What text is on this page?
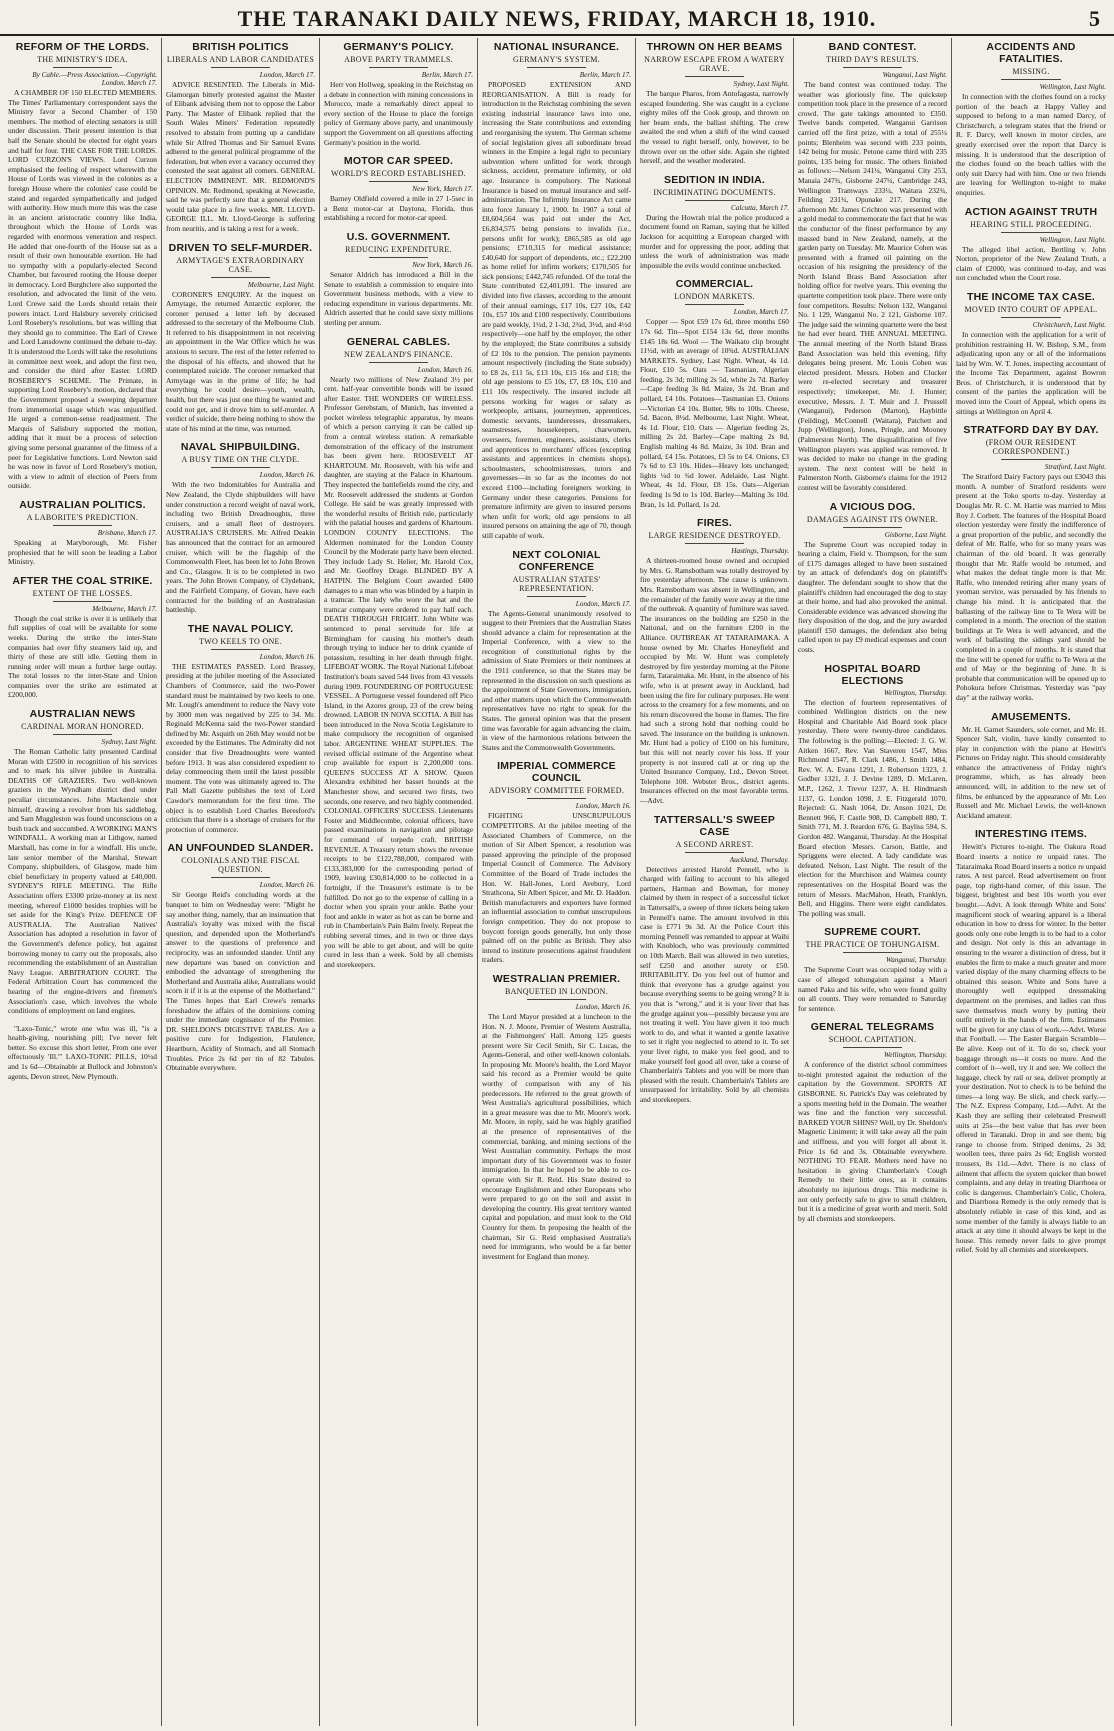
THE TARANAKI DAILY NEWS, FRIDAY, MARCH 18, 1910.	5
REFORM OF THE LORDS.
THE MINISTRY'S IDEA.
By Cable.—Press Association.—Copyright. London, March 17.

A CHAMBER OF 150 ELECTED MEMBERS. The Times' Parliamentary correspondent says the Ministry favor a Second Chamber of 150 members. The method of electing senators is still under discussion. Their present intention is that half the Senate should be elected for eight years and half for four. THE CASE FOR THE LORDS. LORD CURZON'S VIEWS. Lord Curzon emphasised the feeling of respect wherewith the House of Lords was viewed in the colonies as a foreign House where the colonies' case could be stated and regarded sympathetically and judged with authority. How much more this was the case in an ancient aristocratic country like India, throughout which the House of Lords was regarded with enormous veneration and respect. He added that one-fourth of the House sat as a result of their own honourable exertion. He had no sympathy with a popularly-elected Second Chamber, but favoured rooting the House deeper in democracy. Lord Burghclere also supported the resolution, and advocated the limit of the veto. Lord Crewe said the Lords should retain their powers intact. Lord Halsbury severely criticised Lord Rosebery's resolutions, but was willing that they should go to committee. The Earl of Crewe and Lord Lansdowne continued the debate to-day. It is understood the Lords will take the resolutions in committee next week, and adopt the first two, and consider the third after Easter. LORD ROSEBERY'S SCHEME. The Primate, in supporting Lord Rosebery's motion, declared that the Government proposed a sweeping departure from immemorial usage which was unjustified. He urged a common-sense readjustment. The Marquis of Salisbury supported the motion, adding that it must be a process of selection giving some personal guarantee of the fitness of a peer for Legislative functions. Lord Newton said he was now in favor of Lord Rosebery's motion, with a view to admit of election of Peers from outside.

AUSTRALIAN POLITICS.
A LABORITE'S PREDICTION.
Brisbane, March 17.

Speaking at Maryborough, Mr. Fisher prophesied that he will soon be leading a Labor Ministry.

AFTER THE COAL STRIKE.
EXTENT OF THE LOSSES.
Melbourne, March 17.

Though the coal strike is over it is unlikely that full supplies of coal will be available for some weeks. During the strike the inter-State companies had over fifty steamers laid up, and thirty of these are still idle. Getting them in running order will mean a further large outlay. The total losses to the inter-State and Union companies over the strike are estimated at £200,000.

AUSTRALIAN NEWS
CARDINAL MORAN HONORED.
Sydney, Last Night.

The Roman Catholic laity presented Cardinal Moran with £2500 in recognition of his services and to mark his silver jubilee in Australia. DEATHS OF GRAZIERS. Two well-known graziers in the Wyndham district died under peculiar circumstances. John Mackenzie shot himself, drawing a revolver from his saddlebag, and Sam Muggleston was found unconscious on a bush track and succumbed. A WORKING MAN'S WINDFALL. A working man at Lithgow, named Marshall, has come in for a windfall. His uncle, late senior member of the Marshal, Stewart Company, shipbuilders, of Glasgow, made him chief beneficiary in property valued at £40,000. SYDNEY'S RIFLE MEETING. The Rifle Association offers £3300 prize-money at its next meeting, whereof £1000 besides trophies will be set aside for the King's Prize. DEFENCE OF AUSTRALIA. The Australian Natives' Association has adopted a resolution in favor of the Government's defence policy, but against borrowing money to carry out the proposals, also recommending the establishment of an Australian Navy League. ARBITRATION COURT. The Federal Arbitration Court has commenced the hearing of the engine-drivers and firemen's Association's case, which involves the whole conditions of employment on land engines.

"Laxo-Tonic," wrote one who was ill, "is a health-giving, nourishing pill; I've never felt better. So excuse this short letter, From one ever effectuously 'Ill.'" LAXO-TONIC PILLS, 10½d and 1s 6d—Obtainable at Bullock and Johnston's agents, Devon street, New Plymouth.

BRITISH POLITICS
LIBERALS AND LABOR CANDIDATES
London, March 17.

ADVICE RESENTED. The Liberals in Mid-Glamorgan bitterly protested against the Master of Elibank advising them not to oppose the Labor Party. The Master of Elibank replied that the South Wales Miners' Federation repeatedly resolved to abstain from putting up a candidate while Sir Alfred Thomas and Sir Samuel Evans adhered to the general political programme of the federation, but when ever a vacancy occurred they contested the seat against all comers. GENERAL ELECTION IMMINENT. MR. REDMOND'S OPINION. Mr. Redmond, speaking at Newcastle, said he was perfectly sure that a general election would take place in a few weeks. MR. LLOYD-GEORGE ILL. Mr. Lloyd-George is suffering from neuritis, and is taking a rest for a week.

DRIVEN TO SELF-MURDER.
ARMYTAGE'S EXTRAORDINARY CASE.
Melbourne, Last Night.

CORONER'S ENQUIRY. At the inquest on Armytage, the returned Antarctic explorer, the coroner perused a letter left by deceased addressed to the secretary of the Melbourne Club. It referred to his disappointment in not receiving an appointment in the War Office which he was anxious to secure. The rest of the letter referred to the disposal of his effects, and showed that he contemplated suicide. The coroner remarked that Armytage was in the prime of life; he had everything he could desire—youth, wealth, health, but there was just one thing he wanted and could not get, and it drove him to self-murder. A verdict of suicide, there being nothing to show the state of his mind at the time, was returned.

NAVAL SHIPBUILDING.
A BUSY TIME ON THE CLYDE.
London, March 16.

With the two Indomitables for Australia and New Zealand, the Clyde shipbuilders will have under construction a record weight of naval work, including two British Dreadnoughts, three cruisers, and a small fleet of destroyers. AUSTRALIA'S CRUISERS. Mr. Alfred Deakin has announced that the contract for an armoured cruiser, which will be the flagship of the Commonwealth Fleet, has been let to John Brown and Co., Glasgow. It is to be completed in two years. The John Brown Company, of Clydebank, and the Fairfield Company, of Govan, have each contracted for the building of an Australasian battleship.

THE NAVAL POLICY.
TWO KEELS TO ONE.
London, March 16.

THE ESTIMATES PASSED. Lord Brassey, presiding at the jubilee meeting of the Associated Chambers of Commerce, said the two-Power standard must be maintained by two keels to one. Mr. Lough's amendment to reduce the Navy vote by 3000 men was negatived by 225 to 34. Mr. Reginald McKenna said the two-Power standard defined by Mr. Asquith on 26th May would not be exceeded by the Estimates. The Admiralty did not consider that five Dreadnoughts were wanted before 1913. It was also considered expedient to delay commencing them until the latest possible moment. The vote was ultimately agreed to. The Pall Mall Gazette publishes the text of Lord Cawdor's memorandum for the first time. The object is to establish Lord Charles Beresford's criticism that there is a shortage of cruisers for the protection of commerce.

AN UNFOUNDED SLANDER.
COLONIALS AND THE FISCAL QUESTION.
London, March 16.

Sir George Reid's concluding words at the banquet to him on Wednesday were: "Might he say another thing, namely, that an insinuation that Australia's loyalty was mixed with the fiscal question, and depended upon the Motherland's answer to the questions of preference and reciprocity, was an unfounded slander. Until any new departure was based on conviction and embodied the advantage of strengthening the Motherland and Australia alike, Australians would scorn it if it is at the expense of the Motherland." The Times hopes that Earl Crewe's remarks foreshadow the affairs of the dominions coming under the immediate cognisance of the Premier. DR. SHELDON'S DIGESTIVE TABLES. Are a positive cure for Indigestion, Flatulence, Heartburn, Acidity of Stomach, and all Stomach Troubles. Price 2s 6d per tin of 82 Tabules. Obtainable everywhere.

GERMANY'S POLICY.
ABOVE PARTY TRAMMELS.
Berlin, March 17.

Herr von Hollweg, speaking in the Reichstag on a debate in connection with mining concessions in Morocco, made a remarkably direct appeal to every section of the House to place the foreign policy of Germany above party, and unanimously support the Government on all questions affecting Germany's position in the world.

MOTOR CAR SPEED.
WORLD'S RECORD ESTABLISHED.
New York, March 17.

Barney Oldfield covered a mile in 27 1-5sec in a Benz motor-car at Daytona, Florida, thus establishing a record for motor-car speed.

U.S. GOVERNMENT.
REDUCING EXPENDITURE.
New York, March 16.

Senator Aldrich has introduced a Bill in the Senate to establish a commission to enquire into Government business methods, with a view to reducing expenditure in various departments. Mr. Aldrich asserted that he could save sixty millions sterling per annum.

GENERAL CABLES.
NEW ZEALAND'S FINANCE.
London, March 16.

Nearly two millions of New Zealand 3½ per cent. half-year convertible bonds will be issued after Easter. THE WONDERS OF WIRELESS. Professor Gerebstam, of Munich, has invented a pocket wireless telegraphic apparatus, by means of which a person carrying it can be called up from a central wireless station. A remarkable demonstration of the efficacy of the instrument has been given here. ROOSEVELT AT KHARTOUM. Mr. Roosevelt, with his wife and daughter, are staying at the Palace in Khartoum. They inspected the battlefields round the city, and Mr. Roosevelt addressed the students at Gordon College. He said he was greatly impressed with the wonderful results of British rule, particularly with the palatial houses and gardens of Khartoum. LONDON COUNTY ELECTIONS. The Aldermen nominated for the London County Council by the Moderate party have been elected. They include Lady St. Helier, Mr. Harold Cox, and Mr. Geoffrey Drage. BLINDED BY A HATPIN. The Belgium Court awarded £400 damages to a man who was blinded by a hatpin in a tramcar. The lady who wore the hat and the tramcar company were ordered to pay half each. DEATH THROUGH FRIGHT. John White was sentenced to penal servitude for life at Birmingham for causing his mother's death through trying to induce her to drink cyanide of potassium, resulting in her death through fright. LIFEBOAT WORK. The Royal National Lifeboat Institution's boats saved 544 lives from 43 vessels during 1909. FOUNDERING OF PORTUGUESE VESSEL. A Portuguese vessel foundered off Pico Island, in the Azores group, 23 of the crew being drowned. LABOR IN NOVA SCOTIA. A Bill has been introduced in the Nova Scotia Legislature to make compulsory the recognition of organised labor. ARGENTINE WHEAT SUPPLIES. The revised official estimate of the Argentine wheat crop available for export is 2,200,000 tons. QUEEN'S SUCCESS AT A SHOW. Queen Alexandra exhibited her basset hounds at the Manchester show, and secured two firsts, two seconds, one reserve, and two highly commended. COLONIAL OFFICERS' SUCCESS. Lieutenants Foster and Middlecombe, colonial officers, have passed examinations in navigation and pilotage for command of torpedo craft. BRITISH REVENUE. A Treasury return shows the revenue receipts to be £122,788,000, compared with £133,383,000 for the corresponding period of 1909, leaving £30,814,000 to be collected in a fortnight, if the Treasurer's estimate is to be fulfilled. Do not go to the expense of calling in a doctor when you sprain your ankle. Bathe your foot and ankle in water as hot as can be borne and rub in Chamberlain's Pain Balm freely. Repeat the rubbing several times, and in two or three days you will be able to get about, and will be quite cured in less than a week. Sold by all chemists and storekeepers.

NATIONAL INSURANCE.
GERMANY'S SYSTEM.
Berlin, March 17.

PROPOSED EXTENSION AND REORGANISATION. A Bill is ready for introduction in the Reichstag combining the seven existing industrial insurance laws into one, increasing the State contributions and extending and reorganising the system. The German scheme of social legislation gives all subordinate bread winners in the Empire a legal right to pecuniary subvention where unfitted for work through sickness, accident, premature infirmity, or old age. Insurance is compulsory. The National Insurance is based on mutual insurance and self-administration. The Infirmity Insurance Act came into force January 1, 1900. In 1907 a total of £8,604,564 was paid out under the Act, £6,834,575 being pensions to invalids (i.e., persons unfit for work); £865,585 as old age pensions; £710,315 for medical assistance; £40,640 for support of dependents, etc.; £22,200 as home relief for infirm workers; £170,505 for sick pensions; £442,745 refunded. Of the total the State contributed £2,401,091. The insured are divided into five classes, according to the amount of their annual earnings, £17 10s, £27 10s, £42 10s, £57 10s and £100 respectively. Contributions are paid weekly, 1½d, 2 1-3d, 2¾d, 3½d, and 4½d respectively—one half by the employer, the other by the employed; the State contributes a subsidy of £2 10s to the pension. The pension payments amount respectively (including the State subsidy) to £8 2s, £11 5s, £13 10s, £15 16s and £18; the old age pensions to £5 10s, £7, £8 10s, £10 and £11 10s respectively. The insured include all persons working for wages or salary as workpeople, artisans, journeymen, apprentices, domestic servants, launderesses, dressmakers, seamstresses, housekeepers, charwomen, overseers, foremen, engineers, assistants, clerks and apprentices to merchants' offices (excepting assistants and apprentices in chemists shops), schoolmasters, schoolmistresses, tutors and governesses—in so far as the incomes do not exceed £100—including foreigners working in Germany under these categories. Pensions for premature infirmity are given to insured persons when unfit for work; old age pensions to all insured persons on attaining the age of 70, though still capable of work.

NEXT COLONIAL CONFERENCE
AUSTRALIAN STATES' REPRESENTATION.
London, March 17.

The Agents-General unanimously resolved to suggest to their Premiers that the Australian States should advance a claim for representation at the Imperial Conference, with a view to the recognition of constitutional rights by the admission of State Premiers or their nominees at the 1911 conference, so that the States may be represented in the discussion on such questions as the appointment of State Governors, immigration, and other matters upon which the Commonwealth representatives have no right to speak for the States. The general opinion was that the present time was favorable for again advancing the claim, in view of the harmonious relations between the States and the Commonwealth Governments.

IMPERIAL COMMERCE COUNCIL
ADVISORY COMMITTEE FORMED.
London, March 16.

FIGHTING UNSCRUPULOUS COMPETITORS. At the jubilee meeting of the Associated Chambers of Commerce, on the motion of Sir Albert Spencer, a resolution was passed approving the principle of the proposed Imperial Council of Commerce. The Advisory Committee of the Board of Trade includes the Hon. W. Hall-Jones, Lord Avebury, Lord Strathcona, Sir Albert Spicer, and Mr. D. Haddon. British manufacturers and exporters have formed an influential association to combat unscrupulous foreign competition. They do not propose to boycott foreign goods generally, but only those palmed off on the public as British. They also intend to institute prosecutions against fraudulent traders.

WESTRALIAN PREMIER.
BANQUETED IN LONDON.
London, March 16.

The Lord Mayor presided at a luncheon to the Hon. N. J. Moore, Premier of Western Australia, at the Fishmongers' Hall. Among 125 guests present were Sir Cecil Smith, Sir C. Lucas, the Agents-General, and other well-known colonials. In proposing Mr. Moore's health, the Lord Mayor said his record as a Premier would be quite worthy of comparison with any of his predecessors. He referred to the great growth of West Australia's agricultural possibilities, which in a great measure was due to Mr. Moore's work. Mr. Moore, in reply, said he was highly gratified at the presence of representatives of the commercial, banking, and mining sections of the West Australian community. Perhaps the most important duty of his Government was to foster immigration. In that he hoped to be able to co-operate with Sir R. Reid. His State desired to encourage Englishmen and other Europeans who were prepared to go on the soil and assist in developing the country. His great territory wanted capital and population, and must look to the Old Country for them. In proposing the health of the chairman, Sir G. Reid emphasised Australia's need for immigrants, who would be a far better investment for England than money.

THROWN ON HER BEAMS
NARROW ESCAPE FROM A WATERY GRAVE.
Sydney, Last Night.

The barque Pharos, from Antofagasta, narrowly escaped foundering. She was caught in a cyclone eighty miles off the Cook group, and thrown on her beam ends, the ballast shifting. The crew awaited the end when a shift of the wind caused the vessel to right herself, only, however, to be thrown over on the other side. Again she righted herself, and the weather moderated.

SEDITION IN INDIA.
INCRIMINATING DOCUMENTS.
Calcutta, March 17.

During the Howrah trial the police produced a document found on Raman, saying that he killed Jackson for acquitting a European charged with murder and for oppressing the poor, adding that unless the work of administration was made impossible the evils would continue unchecked.

COMMERCIAL.
LONDON MARKETS.
London, March 17.

Copper — Spot £59 17s 6d, three months £60 17s 6d. Tin—Spot £154 13s 6d, three months £145 18s 6d. Wool — The Waikato clip brought 11½d, with an average of 10¾d. AUSTRALIAN MARKETS. Sydney, Last Night. Wheat, 4s 1d. Flour, £10 5s. Oats — Tasmanian, Algerian feeding, 2s 3d; milling 2s 5d, white 2s 7d. Barley—Cape feeding 3s 8d. Maize, 3s 2d. Bran and pollard, £4 10s. Potatoes—Tasmanian £3. Onions—Victorian £4 10s. Butter, 98s to 100s. Cheese, 5d. Bacon, 8½d. Melbourne, Last Night. Wheat, 4s 1d. Flour, £10. Oats — Algerian feeding 2s, milling 2s 2d. Barley—Cape malting 2s 8d, English malting 4s 8d. Maize, 3s 10d. Bran and pollard, £4 15s. Potatoes, £3 5s to £4. Onions, £3 7s 6d to £3 10s. Hides—Heavy lots unchanged; lights ¼d to ¾d lower. Adelaide, Last Night. Wheat, 4s 1d. Flour, £8 15s. Oats—Algerian feeding 1s 9d to 1s 10d. Barley—Malting 3s 10d. Bran, 1s 1d. Pollard, 1s 2d.

FIRES.
LARGE RESIDENCE DESTROYED.
Hastings, Thursday.

A thirteen-roomed house owned and occupied by Mrs. G. Ramsbotham was totally destroyed by fire yesterday afternoon. The cause is unknown. Mrs. Ramsbotham was absent in Wellington, and the remainder of the family were away at the time of the outbreak. A quantity of furniture was saved. The insurances on the building are £250 in the National, and on the furniture £200 in the Alliance. OUTBREAK AT TATARAIMAKA. A house owned by Mr. Charles Honeyfield and occupied by Mr. W. Hunt was completely destroyed by fire yesterday morning at the Pitone farm, Tataraimaka. Mr. Hunt, in the absence of his wife, who is at present away in Auckland, had been using the fire for culinary purposes. He went across to the creamery for a few moments, and on his return discovered the house in flames. The fire had such a strong hold that nothing could be saved. The insurance on the building is unknown. Mr. Hunt had a policy of £100 on his furniture, but this will not nearly cover his loss. If your property is not insured call at or ring up the United Insurance Company, Ltd., Devon Street. Telephone 108. Webster Bros., district agents. Insurances effected on the most favorable terms.—Advt.

TATTERSALL'S SWEEP CASE
A SECOND ARREST.
Auckland, Thursday.

Detectives arrested Harold Pennell, who is charged with failing to account to his alleged partners, Harman and Bowman, for money claimed by them in respect of a successful ticket in Tattersall's, a sweep of three tickets being taken in Pennell's name. The amount involved in this case is £771 9s 3d. At the Police Court this morning Pennell was remanded to appear at Waihi with Knobloch, who was previously committed on 10th March. Bail was allowed in two sureties, self £250 and another surety or £50. IRRITABILITY. Do you feel out of humor and think that everyone has a grudge against you because everything seems to be going wrong? It is you that is "wrong," and it is your liver that has the grudge against you—possibly because you are not treating it well. You have given it too much work to do, and what it wanted a gentle laxative to set it right you neglected to attend to it. To set your liver right, to make you feel good, and to make yourself feel good all over, take a course of Chamberlain's Tablets and you will be more than pleased with the result. Chamberlain's Tablets are unsurpassed for irritability. Sold by all chemists and storekeepers.

BAND CONTEST.
THIRD DAY'S RESULTS.
Wanganui, Last Night.

The band contest was continued today. The weather was gloriously fine. The quickstep competition took place in the presence of a record crowd. The gate takings amounted to £350. Twelve bands competed. Wanganui Garrison carried off the first prize, with a total of 255¼ points; Blenheim was second with 233 points, 142 being for music. Petone came third with 235 points, 135 being for music. The others finished as follows:—Nelson 241¼, Wanganui City 253, Manaia 247¾, Gisborne 247¼, Cambridge 243, Wellington Tramways 233¼, Waitara 232¾, Feilding 231¾, Opunake 217. During the afternoon Mr. James Crichton was presented with a gold medal to commemorate the fact that he was the conductor of the finest performance by any massed band in New Zealand, namely, at the garden party on Tuesday. Mr. Maurice Cohen was presented with a framed oil painting on the occasion of his resigning the presidency of the North Island Brass Band Association after holding office for twelve years. This evening the quartette competition took place. There were only four competitors. Results: Nelson 132, Wanganui No. 1 129, Wanganui No. 2 121, Gisborne 107. The judge said the winning quartette were the best he had ever heard. THE ANNUAL MEETING. The annual meeting of the North Island Brass Band Association was held this evening, fifty delegates being present. Mr. Louis Cohen was elected president. Messrs. Hoben and Clucker were re-elected secretary and treasurer respectively; timekeeper, Mr. J. Hunter; executive, Messrs. J. T. Muir and J. Prussell (Wanganui), Pederson (Marton), Haybittle (Feilding), McConnell (Waitara), Patchett and Jupp (Wellington), Jones, Pringle, and Mooney (Palmerston North). The disqualification of five Wellington players was applied was removed. It was decided to make no change in the grading system. The next contest will be held in Palmerston North. Gisborne's claims for the 1912 contest will be favorably considered.

A VICIOUS DOG.
DAMAGES AGAINST ITS OWNER.
Gisborne, Last Night.

The Supreme Court was occupied today in hearing a claim, Field v. Thompson, for the sum of £175 damages alleged to have been sustained by an attack of defendant's dog on plaintiff's daughter. The defendant sought to show that the plaintiff's children had encouraged the dog to stay at their home, and had also provoked the animal. Considerable evidence was advanced showing the fiery disposition of the dog, and the jury awarded plaintiff £50 damages, the defendant also being called upon to pay £9 medical expenses and court costs.

HOSPITAL BOARD ELECTIONS
Wellington, Thursday.

The election of fourteen representatives of combined Wellington districts on the new Hospital and Charitable Aid Board took place yesterday. There were twenty-three candidates. The following is the polling:—Elected: J. G. W. Aitken 1667, Rev. Van Staveren 1547, Miss Richmond 1547, R. Clark 1486, J. Smith 1484, Rev. W. A. Evans 1291, J. Robertson 1323, J. Godber 1321, J. J. Devine 1289, D. McLaren, M.P., 1262, J. Trevor 1237, A. H. Hindmarsh 1137, G. London 1098, J. E. Fitzgerald 1070. Rejected: G. Nash 1064, Dr. Anson 1021, Dr. Bennett 966, F. Castle 908, D. Campbell 880, T. Smith 771, M. J. Reardon 676, G. Bayliss 594, S. Gordon 482. Wanganui, Thursday. At the Hospital Board election Messrs. Carson, Battle, and Spriggens were elected. A lady candidate was defeated. Nelson, Last Night. The result of the election for the Murchison and Waimea county representatives on the Hospital Board was the return of Messrs. MacMahon, Heath, Franklyn, Bell, and Higgins. There were eight candidates. The polling was small.

SUPREME COURT.
THE PRACTICE OF TOHUNGAISM.
Wanganui, Thursday.

The Supreme Court was occupied today with a case of alleged tohungaism against a Maori named Paku and his wife, who were found guilty on all counts. They were remanded to Saturday for sentence.

GENERAL TELEGRAMS
SCHOOL CAPITATION.
Wellington, Thursday.

A conference of the district school committees to-night protested against the reduction of the capitation by the Government. SPORTS AT GISBORNE. St. Patrick's Day was celebrated by a sports meeting held in the Domain. The weather was fine and the function very successful. BARKED YOUR SHINS? Well, try Dr. Sheldon's Magnetic Liniment; it will take away all the pain and stiffness, and you will forget all about it. Price 1s 6d and 3s. Obtainable everywhere. NOTHING TO FEAR. Mothers need have no hesitation in giving Chamberlain's Cough Remedy to their little ones, as it contains absolutely no injurious drugs. This medicine is not only perfectly safe to give to small children, but it is a medicine of great worth and merit. Sold by all chemists and storekeepers.

ACCIDENTS AND FATALITIES.
MISSING.
Wellington, Last Night.

In connection with the clothes found on a rocky portion of the beach at Happy Valley and supposed to belong to a man named Darcy, of Christchurch, a telegram states that the friend or R. F. Darcy, well known in motor circles, are greatly exercised over the report that Darcy is missing. It is understood that the description of the clothes found on the beach tallies with the only suit Darcy had with him. One or two friends are leaving for Wellington to-night to make enquiries.

ACTION AGAINST TRUTH
HEARING STILL PROCEEDING.
Wellington, Last Night.

The alleged libel action, Bertling v. John Norton, proprietor of the New Zealand Truth, a claim of £2000, was continued to-day, and was not concluded when the Court rose.

THE INCOME TAX CASE.
MOVED INTO COURT OF APPEAL.
Christchurch, Last Night.

In connection with the application for a writ of prohibition restraining H. W. Bishop, S.M., from adjudicating upon any or all of the informations laid by Wm. W. T. Jones, inspecting accountant of the Income Tax Department, against Bowron Bros. of Christchurch, it is understood that by consent of the parties the application will be moved into the Court of Appeal, which opens its sittings at Wellington on April 4.

STRATFORD DAY BY DAY.
(FROM OUR RESIDENT CORRESPONDENT.)
Stratford, Last Night.

The Stratford Dairy Factory pays out £3043 this month. A number of Stratford residents were present at the Toko sports to-day. Yesterday at Douglas Mr. R. C. M. Hartie was married to Miss Roy J. Corbett. The features of the Hospital Board election yesterday were firstly the indifference of a great proportion of the public, and secondly the defeat of Mr. Ralfe, who for so many years was chairman of the old board. It was generally thought that Mr. Ralfe would be returned, and what makes the defeat tingle more is that Mr. Ralfe, who intended retiring after many years of yeoman service, was persuaded by his friends to change his mind. It is anticipated that the ballasting of the railway line to Te Wera will be completed in a month. The erection of the station buildings at Te Wera is well advanced, and the work of ballasting the sidings yard should be completed in a couple of months. It is stated that the line will be opened for traffic to Te Wera at the end of May or the beginning of June. It is probable that communication will be opened up to Pohokura before Christmas. Yesterday was "pay day" at the railway works.

AMUSEMENTS.

Mr. H. Garnet Saunders, sole cornet, and Mr. H. Spencer Salt, violin, have kindly consented to play in conjunction with the piano at Hewitt's Pictures on Friday night. This should considerably enhance the attractiveness of Friday night's programme, which, as has already been announced, will, in addition to the new set of films, be enhanced by the appearance of Mr. Leo Russell and Mr. Michael Lewis, the well-known Auckland amateur.

INTERESTING ITEMS.

Hewitt's Pictures to-night. The Oakura Road Board inserts a notice re unpaid rates. The Tataraimaka Road Board inserts a notice re unpaid rates. A test parcel. Read advertisement on front page, top right-hand corner, of this issue. The biggest, brightest and best 10s worth you ever bought.—Advt. A look through White and Sons' magnificent stock of wearing apparel is a liberal education in how to dress for winter. In the better goods only one robe length is to be had to a color and design. Not only is this an advantage in ensuring to the wearer a distinction of dress, but it enables the firm to make a much greater and more varied display of the many charming effects to be obtained this season. White and Sons have a thoroughly well equipped dressmaking department on the premises, and ladies can thus save themselves much worry by putting their outfit entirely in the hands of the firm. Estimates will be given for any class of work.—Advt. Worse that Football. — The Easter Bargain Scramble—Be alive. Keep out of it. To do so, check your baggage through us—it costs no more. And the comfort of it—well, try it and see. We collect the luggage, check by rail or sea, deliver promptly at your destination. Not to check is to be behind the times—a long way. Be slick, and check early.—The N.Z. Express Company, Ltd.—Advt. At the Kash they are selling their celebrated Prestwell suits at 25s—the best value that has ever been offered in Taranaki. Drop in and see them; big range to choose from. Striped denims, 2s 3d; woollen tees, three pairs 2s 6d; English worsted trousers, 8s 11d.—Advt. There is no class of ailment that affects the system quicker than bowel complaints, and any delay in treating Diarrhoea or colic is dangerous. Chamberlain's Colic, Cholera, and Diarrhoea Remedy is the only remedy that is absolutely reliable in case of this kind, and as some member of the family is always liable to an attack at any time it should always be kept in the house. This remedy never fails to give prompt relief. Sold by all chemists and storekeepers.
